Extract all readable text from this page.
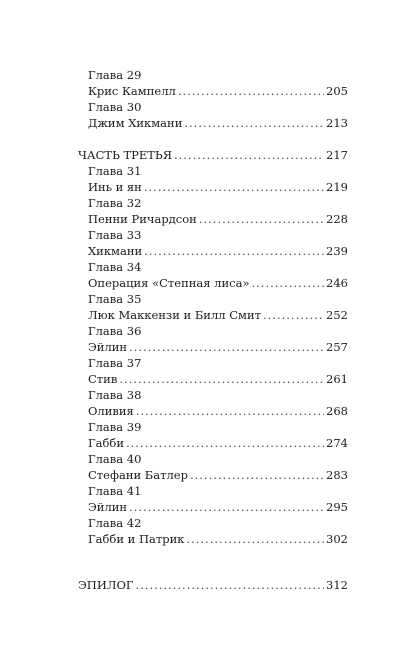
Глава 29
Крис Кампелл .....	205
Глава 30
Джим Хикмани .....	213
ЧАСТЬ ТРЕТЬЯ .....	217
Глава 31
Инь и ян .....	219
Глава 32
Пенни Ричардсон .....	228
Глава 33
Хикмани .....	239
Глава 34
Операция «Степная лиса» .....	246
Глава 35
Люк Маккензи и Билл Смит .....	252
Глава 36
Эйлин .....	257
Глава 37
Стив .....	261
Глава 38
Оливия .....	268
Глава 39
Габби .....	274
Глава 40
Стефани Батлер .....	283
Глава 41
Эйлин .....	295
Глава 42
Габби и Патрик .....	302
ЭПИЛОГ .....	312
